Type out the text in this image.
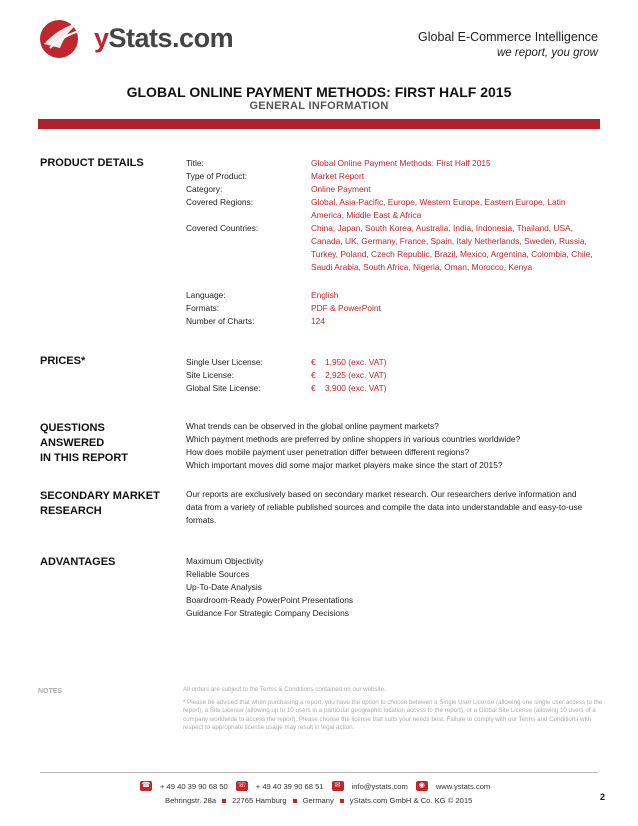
yStats.com	Global E-Commerce Intelligence
we report, you grow
GLOBAL ONLINE PAYMENT METHODS: FIRST HALF 2015
GENERAL INFORMATION
PRODUCT DETAILS	Title:	Global Online Payment Methods: First Half 2015
Type of Product:	Market Report
Category:	Online Payment
Covered Regions:	Global, Asia-Pacific, Europe, Western Europe, Eastern Europe, Latin America, Middle East & Africa
Covered Countries:	China, Japan, South Korea, Australia, India, Indonesia, Thailand, USA, Canada, UK, Germany, France, Spain, Italy Netherlands, Sweden, Russia, Turkey, Poland, Czech Republic, Brazil, Mexico, Argentina, Colombia, Chile, Saudi Arabia, South Africa, Nigeria, Oman, Morocco, Kenya
Language:	English
Formats:	PDF & PowerPoint
Number of Charts:	124
PRICES*	Single User License:	€    1,950 (exc. VAT)
Site License:	€    2,925 (exc. VAT)
Global Site License:	€    3,900 (exc. VAT)
QUESTIONS
ANSWERED
IN THIS REPORT
What trends can be observed in the global online payment markets?
Which payment methods are preferred by online shoppers in various countries worldwide?
How does mobile payment user penetration differ between different regions?
Which important moves did some major market players make since the start of 2015?
SECONDARY MARKET
RESEARCH
Our reports are exclusively based on secondary market research. Our researchers derive information and data from a variety of reliable published sources and compile the data into understandable and easy-to-use formats.
ADVANTAGES	Maximum Objectivity
Reliable Sources
Up-To-Date Analysis
Boardroom-Ready PowerPoint Presentations
Guidance For Strategic Company Decisions
NOTES	All orders are subject to the Terms & Conditions contained on our website.
* Please be advised that when purchasing a report, you have the option to choose between a Single User License (allowing one single user access to the report), a Site License (allowing up to 10 users in a particular geographic location access to the report), or a Global Site License (allowing 10 users of a company worldwide to access the report). Please choose the license that suits your needs best. Failure to comply with our Terms and Conditions with respect to appropriate license usage may result in legal action.
☎ + 49 40 39 90 68 50 ☏ + 49 40 39 90 68 51	✉	info@ystats.com	◉	www.ystats.com
Behringstr. 28a 22765 Hamburg Germany yStats.com GmbH & Co. KG © 2015	2
